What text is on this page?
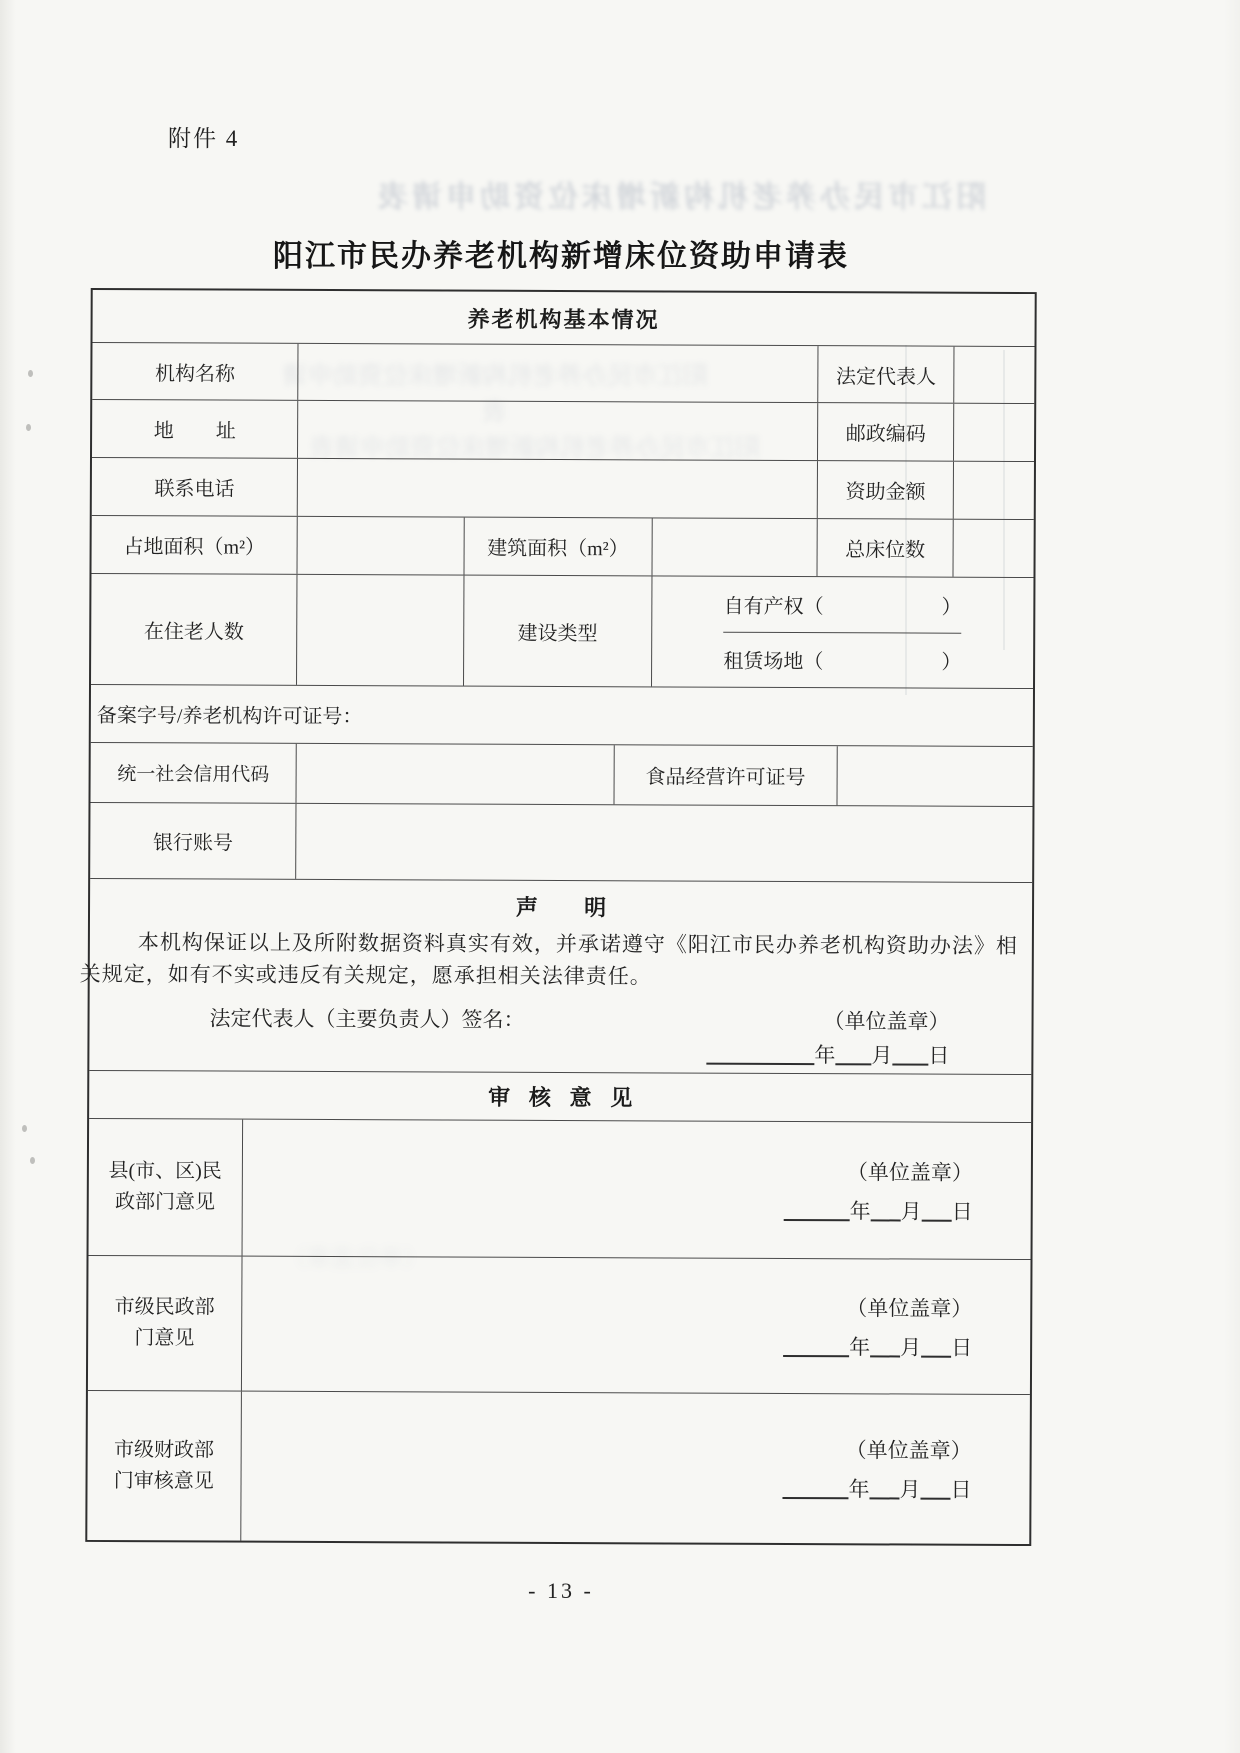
阳江市民办养老机构新增床位资助申请表
阳江市民办养老机构新增床位资助申请表
阳江市民办养老机构新增床位资助申请表
（单位盖章）
附件 4
阳江市民办养老机构新增床位资助申请表
养老机构基本情况
机构名称	法定代表人
地址	邮政编码
联系电话	资助金额
占地面积（m²）	建筑面积（m²）	总床位数
在住老人数	建设类型
自有产权 （	）
租赁场地 （	）
备案字号/养老机构许可证号：
统一社会信用代码	食品经营许可证号
银行账号
声明
本机构保证以上及所附数据资料真实有效，并承诺遵守《阳江市民办养老机构资助办法》相关规定，如有不实或违反有关规定，愿承担相关法律责任。
法定代表人（主要负责人）签名：	（单位盖章）
年 月 日
审核意见
县(市、区)民
政部门意见
（单位盖章）
年 月 日
市级民政部
门意见
（单位盖章）
年 月 日
市级财政部
门审核意见
（单位盖章）
年 月 日
- 13 -
